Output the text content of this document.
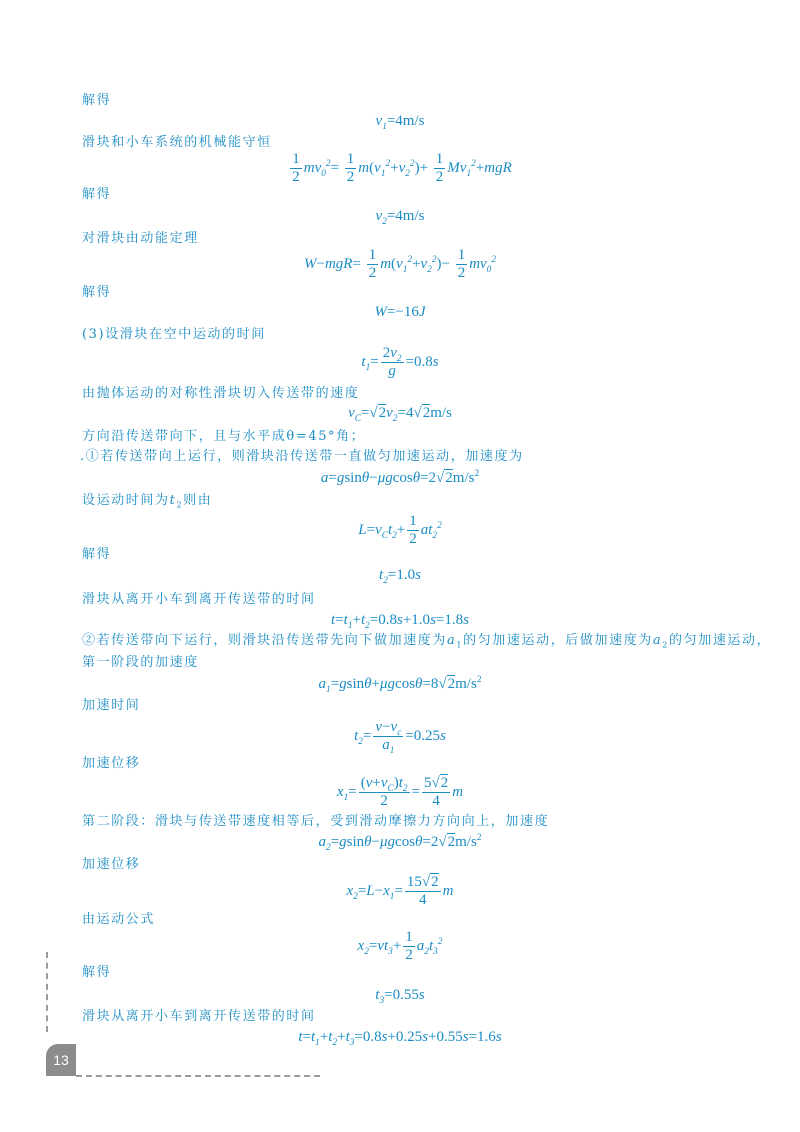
解得
$v_1=4m/s$
滑块和小车系统的机械能守恒
$\frac{1}{2} mv_0^2= \frac{1}{2} m(v_1^2+v_2^2)+ \frac{1}{2} Mv_1^2+mgR$
解得
$v_2=4m/s$
对滑块由动能定理
$W-mgR= \frac{1}{2} m(v_1^2+v_2^2)- \frac{1}{2} mv_0^2$
解得
W=−16J
(3)设滑块在空中运动的时间
$t_1= \frac{2v_2}{g} =0.8s$
由抛体运动的对称性滑块切入传送带的速度
$v_C=√2v_2=4√2m/s$
方向沿传送带向下，且与水平成θ=45°角；
.①若传送带向上运行，则滑块沿传送带一直做匀加速运动，加速度为
$a=gsin\theta-\mu gcos\theta=2√2m/s^2$
设运动时间为$t_2$则由
$L=v_Ct_2+ \frac{1}{2} at_2^2$
解得
$t_2=1.0s$
滑块从离开小车到离开传送带的时间
$t=t_1+t_2=0.8s+1.0s=1.8s$
②若传送带向下运行，则滑块沿传送带先向下做加速度为$a_1$的匀加速运动，后做加速度为$a_2$的匀加速运动，
第一阶段的加速度
$a_1=gsin\theta+\mu gcos\theta=8√2m/s^2$
加速时间
$t_2= \frac{v-v_c}{a_1} =0.25s$
加速位移
$x_1= \frac{(v+v_C)t_2}{2} = \frac{5√2}{4}$ m
第二阶段：滑块与传送带速度相等后，受到滑动摩擦力方向向上，加速度
$a_2=gsin\theta-\mu gcos\theta=2√2m/s^2$
加速位移
$x_2=L-x_1= \frac{15√2}{4}$ m
由运动公式
$x_2=vt_3+ \frac{1}{2} a_2t_3^2$
解得
$t_3=0.55s$
滑块从离开小车到离开传送带的时间
$t=t_1+t_2+t_3=0.8s+0.25s+0.55s=1.6s$
13
